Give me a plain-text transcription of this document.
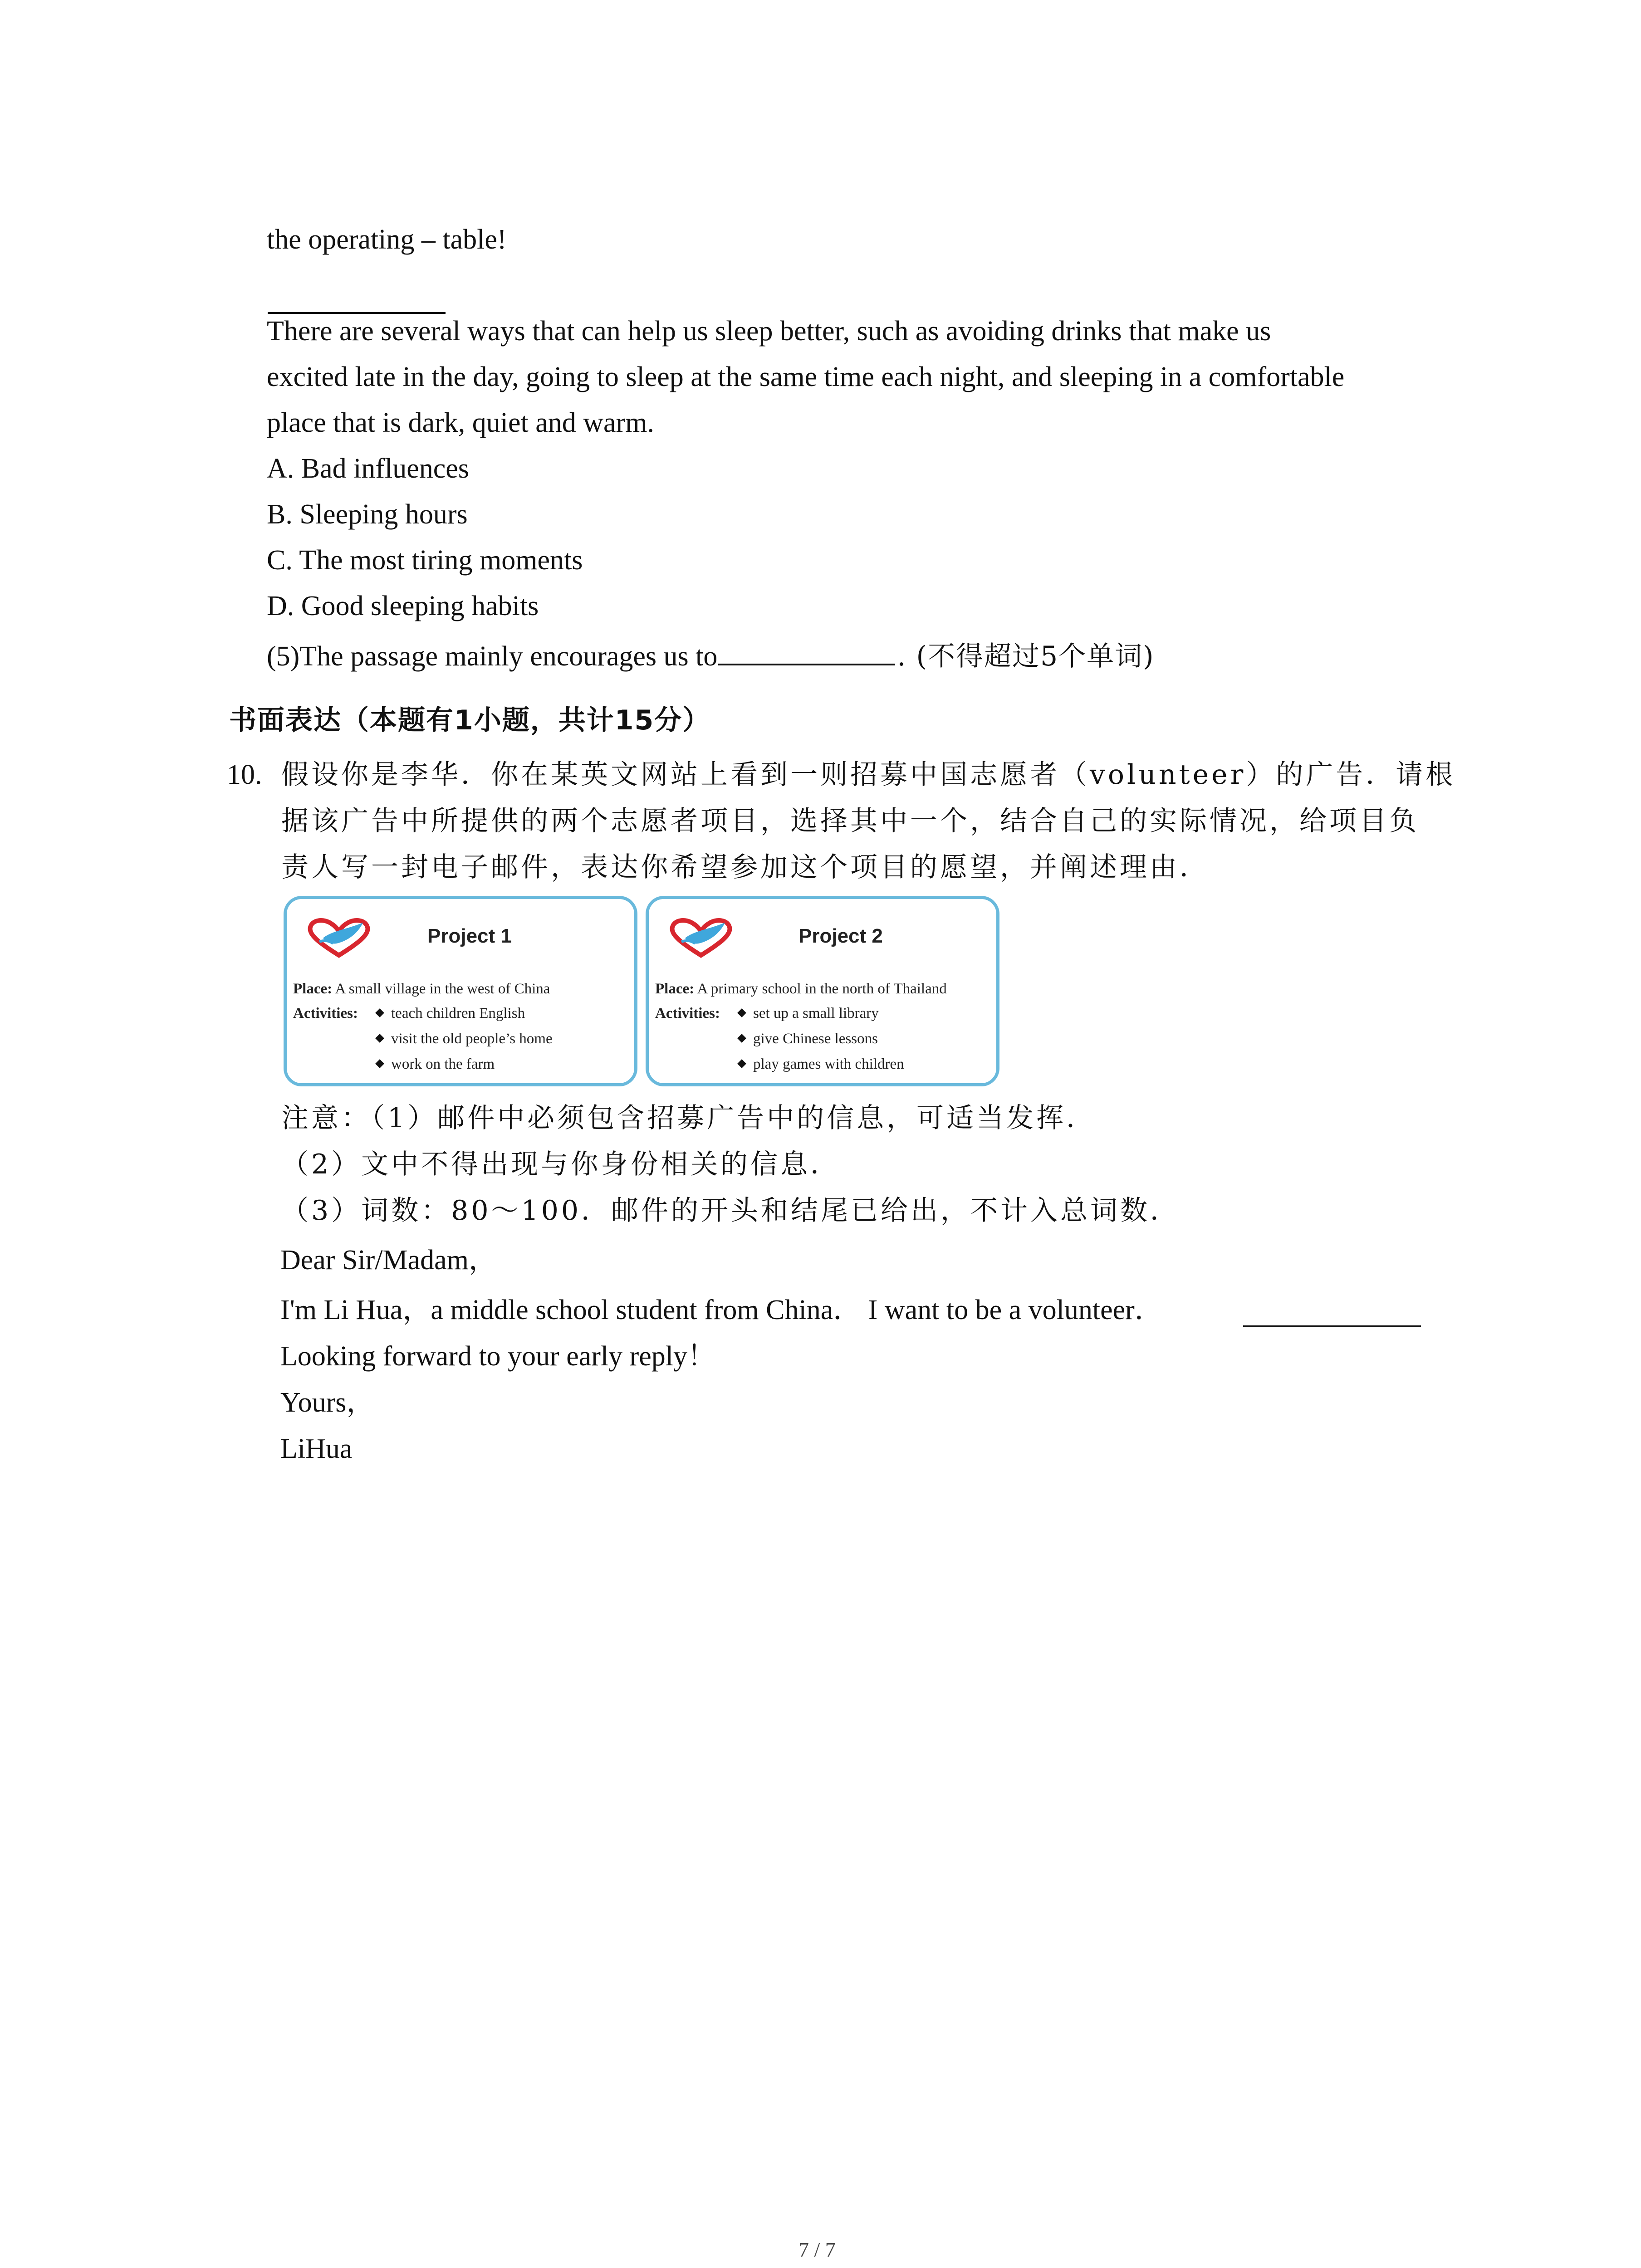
the operating – table!
There are several ways that can help us sleep better, such as avoiding drinks that make us
excited late in the day, going to sleep at the same time each night, and sleeping in a comfortable
place that is dark, quiet and warm.
A. Bad influences
B. Sleeping hours
C. The most tiring moments
D. Good sleeping habits
(5)The passage mainly encourages us to	. (不得超过5个单词)
书面表达（本题有1小题，共计15分）
10. 假设你是李华．你在某英文网站上看到一则招募中国志愿者（volunteer）的广告．请根
据该广告中所提供的两个志愿者项目，选择其中一个，结合自己的实际情况，给项目负
责人写一封电子邮件，表达你希望参加这个项目的愿望，并阐述理由．
Project 1
Place: A small village in the west of China
Activities:	teach children English
visit the old people’s home
work on the farm
Project 2
Place: A primary school in the north of Thailand
Activities:	set up a small library
give Chinese lessons
play games with children
注意：（1）邮件中必须包含招募广告中的信息，可适当发挥．
（2）文中不得出现与你身份相关的信息．
（3）词数：80～100．邮件的开头和结尾已给出，不计入总词数．
Dear Sir/Madam，
I'm Li Hua，a middle school student from China． I want to be a volunteer．
Looking forward to your early reply！
Yours，
LiHua
7 / 7
